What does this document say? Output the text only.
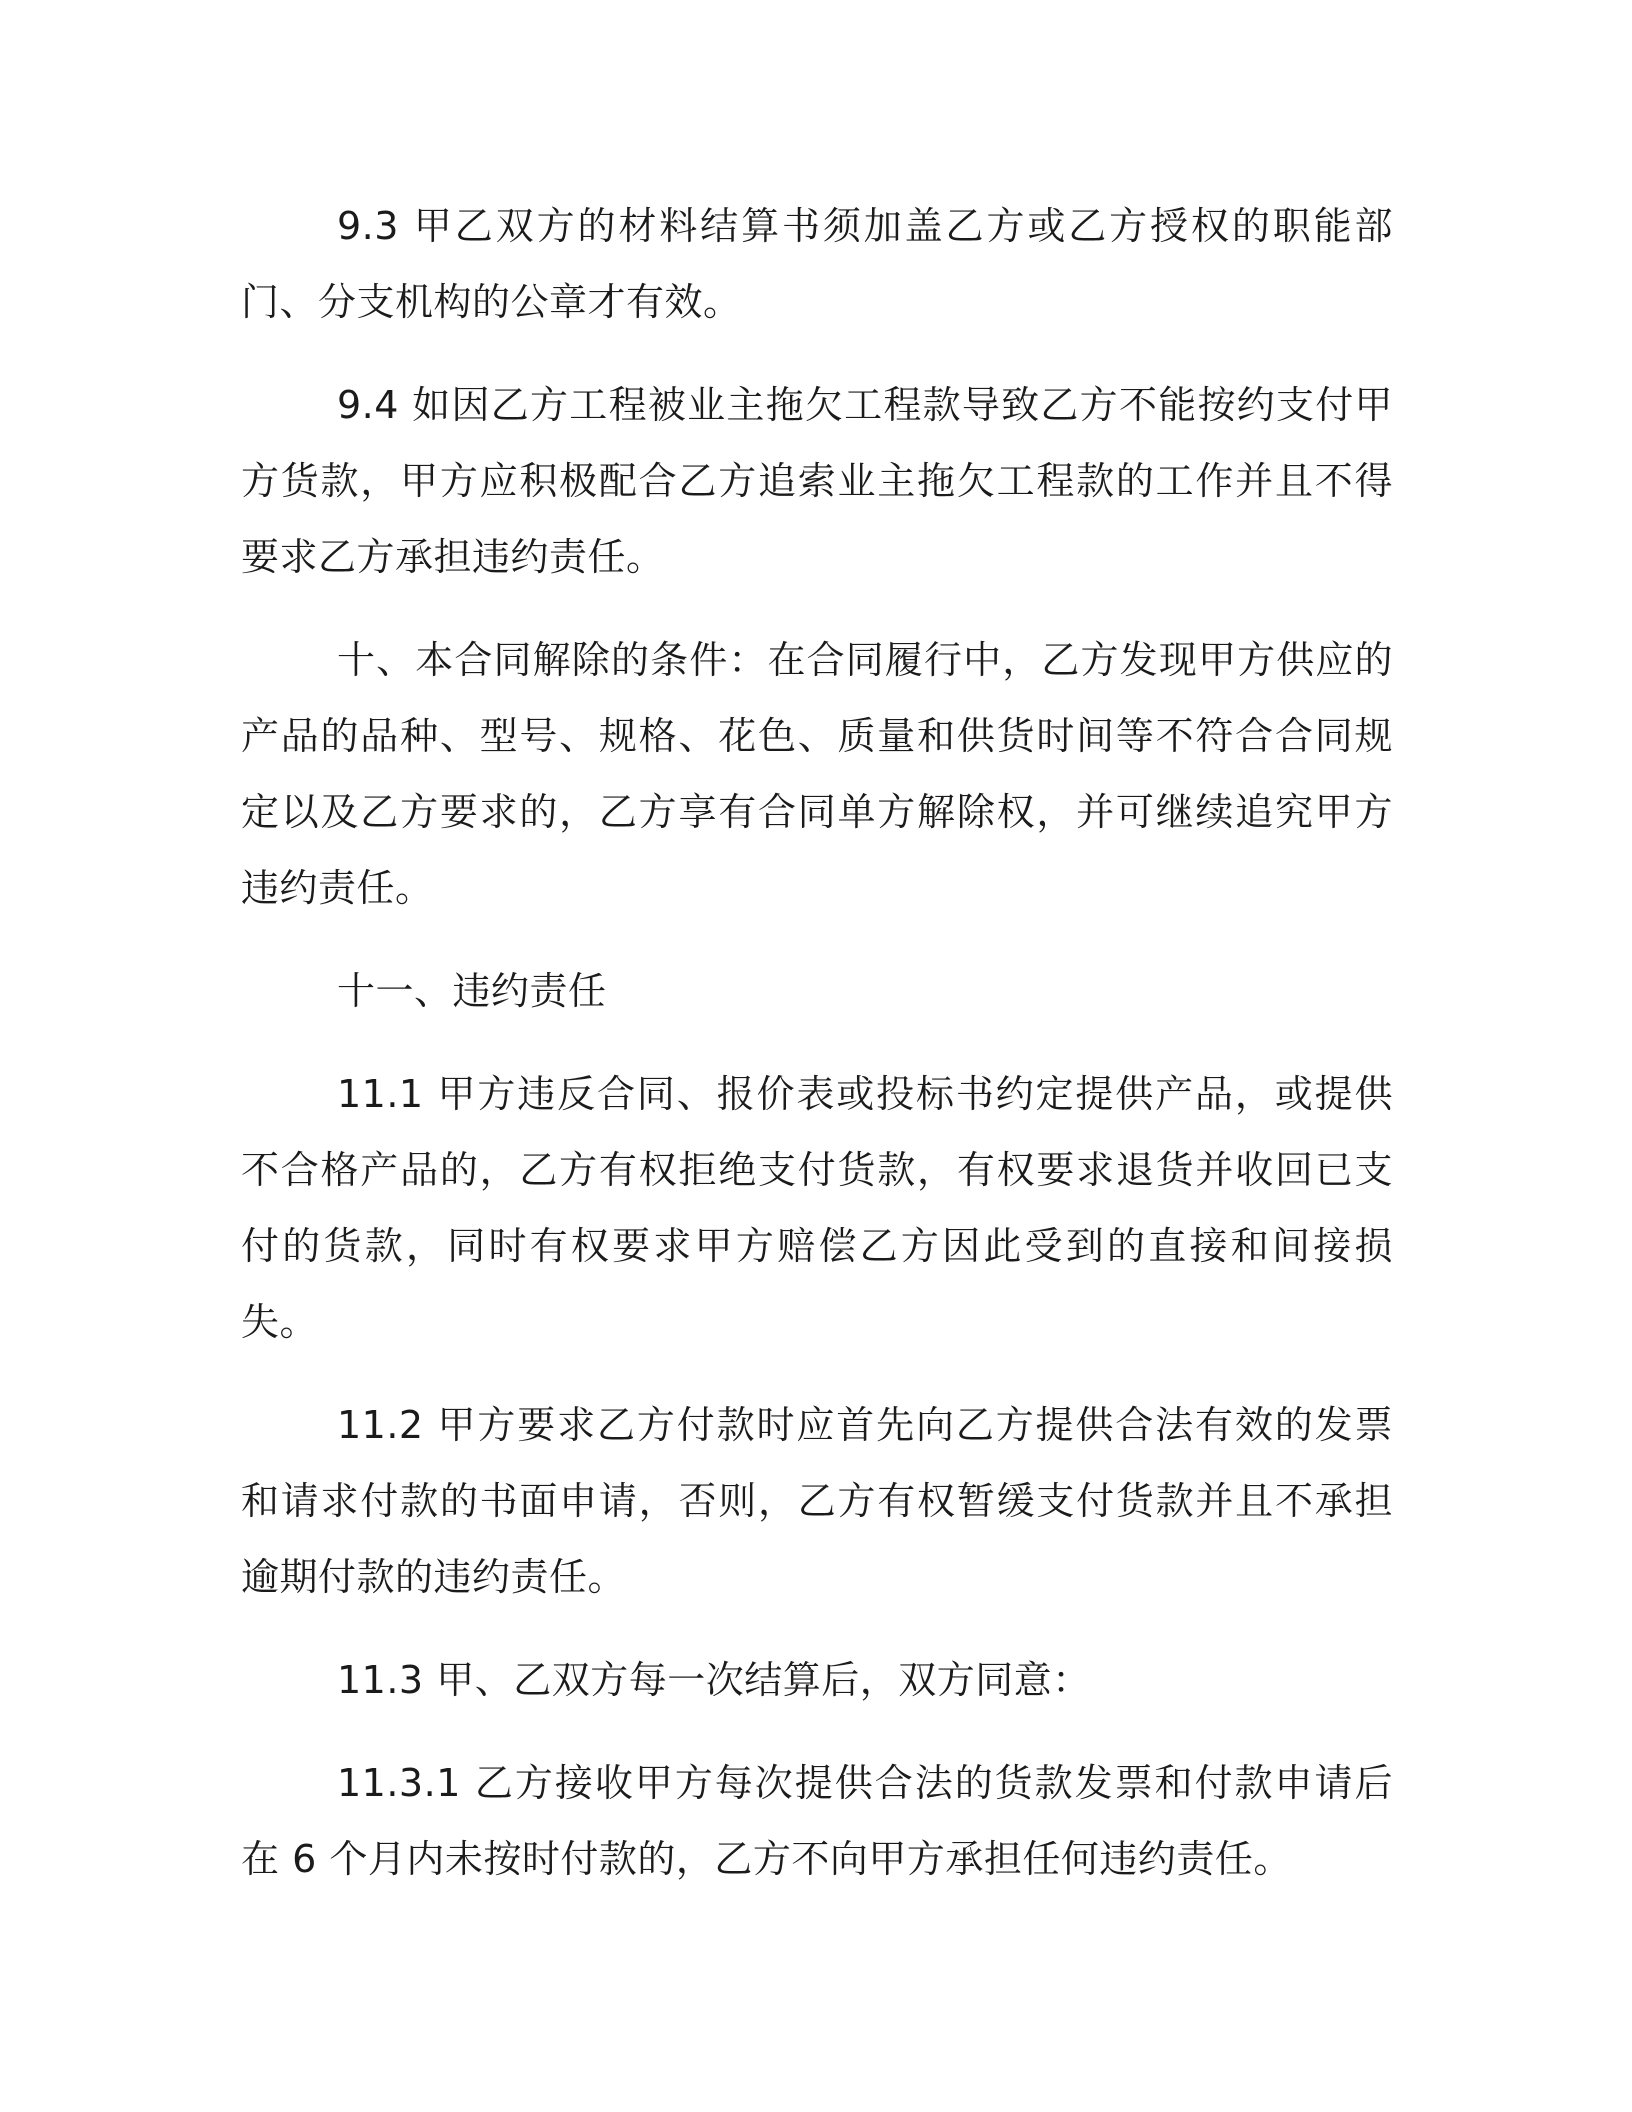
9.3 甲乙双方的材料结算书须加盖乙方或乙方授权的职能部门、分支机构的公章才有效。

9.4 如因乙方工程被业主拖欠工程款导致乙方不能按约支付甲方货款，甲方应积极配合乙方追索业主拖欠工程款的工作并且不得要求乙方承担违约责任。

十、本合同解除的条件：在合同履行中，乙方发现甲方供应的产品的品种、型号、规格、花色、质量和供货时间等不符合合同规定以及乙方要求的，乙方享有合同单方解除权，并可继续追究甲方违约责任。

十一、违约责任

11.1 甲方违反合同、报价表或投标书约定提供产品，或提供不合格产品的，乙方有权拒绝支付货款，有权要求退货并收回已支付的货款，同时有权要求甲方赔偿乙方因此受到的直接和间接损失。

11.2 甲方要求乙方付款时应首先向乙方提供合法有效的发票和请求付款的书面申请，否则，乙方有权暂缓支付货款并且不承担逾期付款的违约责任。

11.3 甲、乙双方每一次结算后，双方同意：

11.3.1 乙方接收甲方每次提供合法的货款发票和付款申请后在 6 个月内未按时付款的，乙方不向甲方承担任何违约责任。
